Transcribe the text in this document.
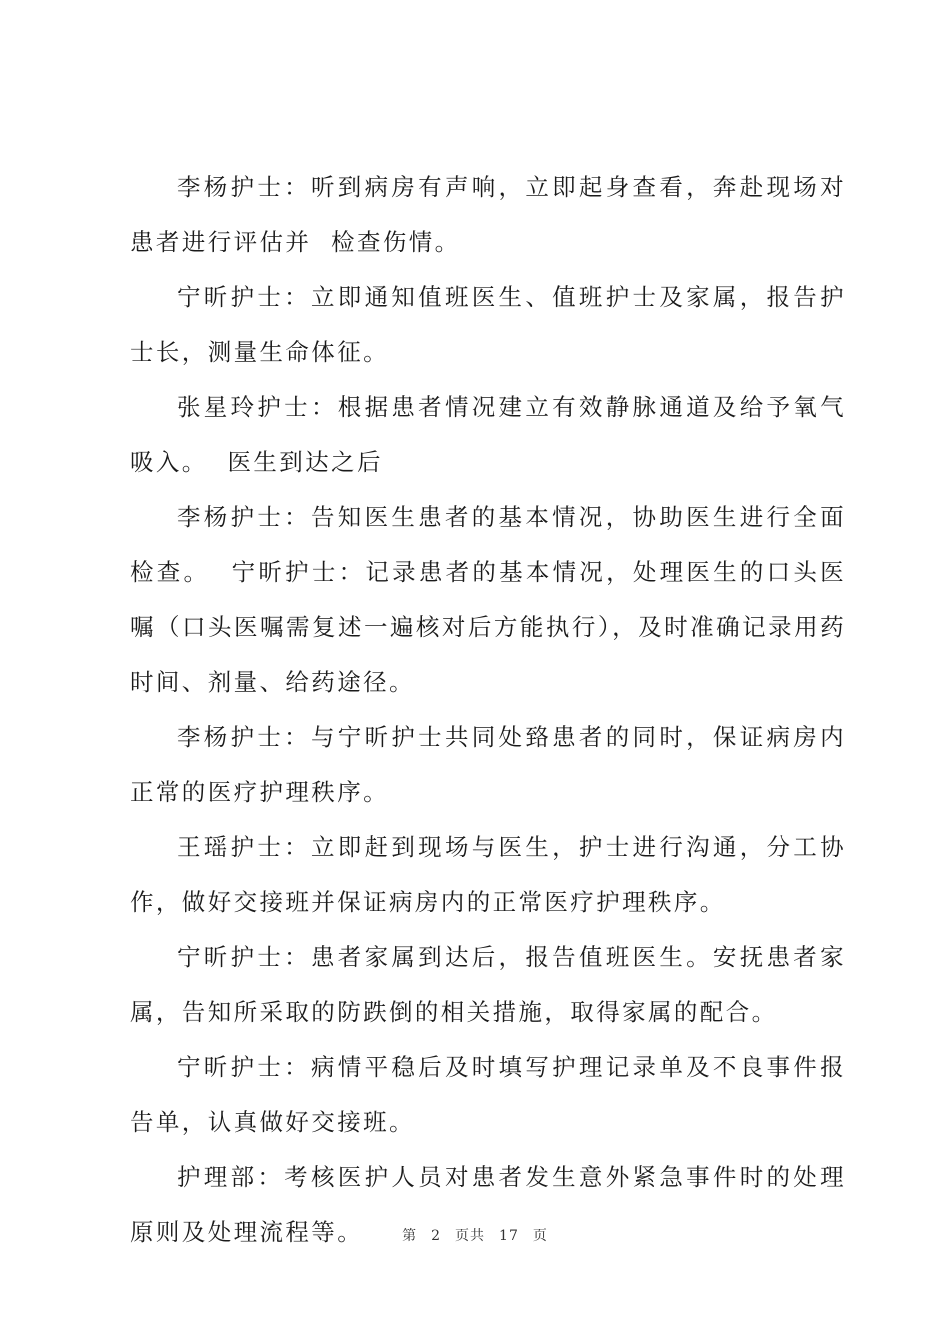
李杨护士：听到病房有声响，立即起身查看，奔赴现场对患者进行评估并  检查伤情。

宁昕护士：立即通知值班医生、值班护士及家属，报告护士长，测量生命体征。

张星玲护士：根据患者情况建立有效静脉通道及给予氧气吸入。  医生到达之后

李杨护士：告知医生患者的基本情况，协助医生进行全面检查。  宁昕护士：记录患者的基本情况，处理医生的口头医嘱（口头医嘱需复述一遍核对后方能执行），及时准确记录用药时间、剂量、给药途径。

李杨护士：与宁昕护士共同处臵患者的同时，保证病房内正常的医疗护理秩序。

王瑶护士：立即赶到现场与医生，护士进行沟通，分工协作，做好交接班并保证病房内的正常医疗护理秩序。

宁昕护士：患者家属到达后，报告值班医生。安抚患者家属，告知所采取的防跌倒的相关措施，取得家属的配合。

宁昕护士：病情平稳后及时填写护理记录单及不良事件报告单，认真做好交接班。

护理部：考核医护人员对患者发生意外紧急事件时的处理原则及处理流程等。	第 2 页共 17 页
